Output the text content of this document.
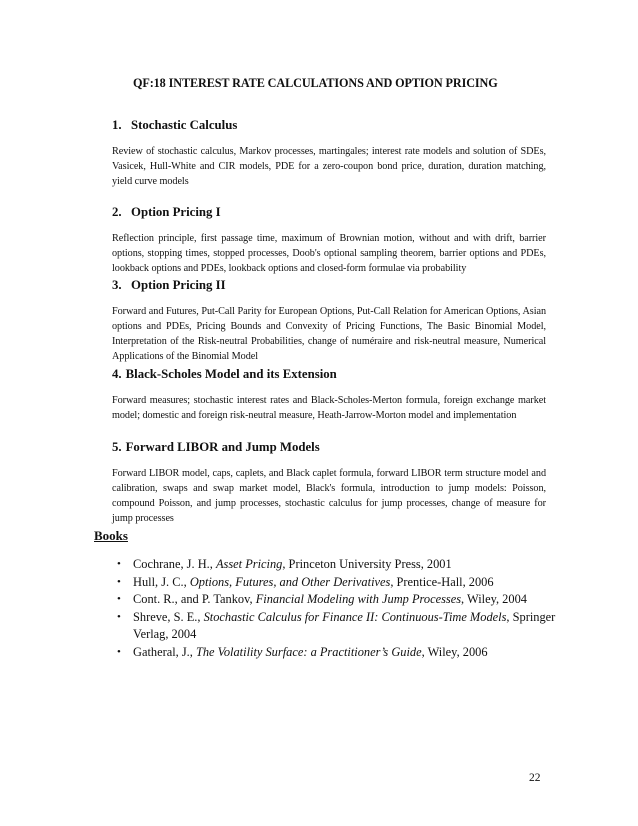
QF:18 INTEREST RATE CALCULATIONS AND OPTION PRICING
1. Stochastic Calculus

Review of stochastic calculus, Markov processes, martingales; interest rate models and solution of SDEs, Vasicek, Hull-White and CIR models, PDE for a zero-coupon bond price, duration, duration matching, yield curve models

2. Option Pricing I

Reflection principle, first passage time, maximum of Brownian motion, without and with drift, barrier options, stopping times, stopped processes, Doob's optional sampling theorem, barrier options and PDEs, lookback options and PDEs, lookback options and closed-form formulae via probability

3. Option Pricing II

Forward and Futures, Put-Call Parity for European Options, Put-Call Relation for American Options, Asian options and PDEs, Pricing Bounds and Convexity of Pricing Functions, The Basic Binomial Model, Interpretation of the Risk-neutral Probabilities, change of numéraire and risk-neutral measure, Numerical Applications of the Binomial Model

4. Black-Scholes Model and its Extension

Forward measures; stochastic interest rates and Black-Scholes-Merton formula, foreign exchange market model; domestic and foreign risk-neutral measure, Heath-Jarrow-Morton model and implementation

5. Forward LIBOR and Jump Models

Forward LIBOR model, caps, caplets, and Black caplet formula, forward LIBOR term structure model and calibration, swaps and swap market model, Black's formula, introduction to jump models: Poisson, compound Poisson, and jump processes, stochastic calculus for jump processes, change of measure for jump processes

Books
• Cochrane, J. H., Asset Pricing, Princeton University Press, 2001
• Hull, J. C., Options, Futures, and Other Derivatives, Prentice-Hall, 2006
• Cont. R., and P. Tankov, Financial Modeling with Jump Processes, Wiley, 2004
• Shreve, S. E., Stochastic Calculus for Finance II: Continuous-Time Models, Springer Verlag, 2004
• Gatheral, J., The Volatility Surface: a Practitioner’s Guide, Wiley, 2006
22
